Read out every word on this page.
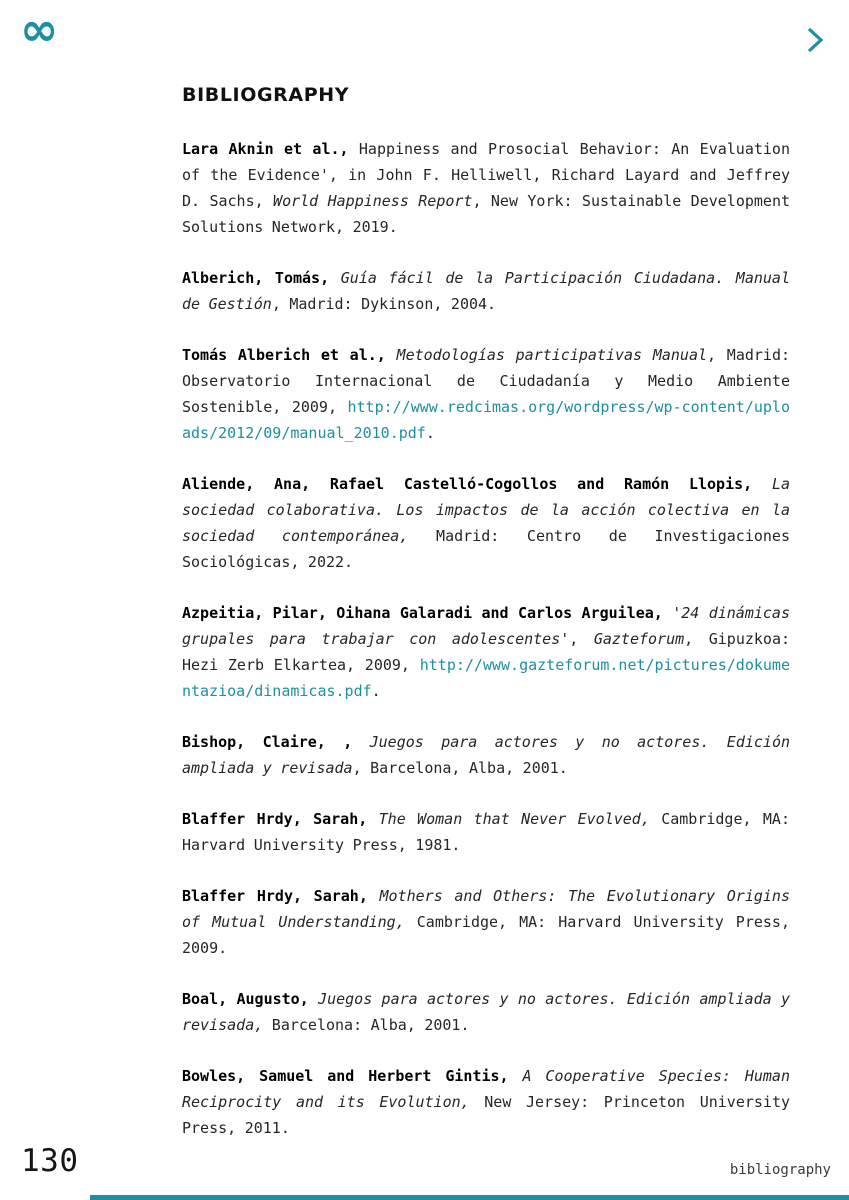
∞
BIBLIOGRAPHY

Lara Aknin et al., Happiness and Prosocial Behavior: An Evaluation of the Evidence', in John F. Helliwell, Richard Layard and Jeffrey D. Sachs, World Happiness Report, New York: Sustainable Development Solutions Network, 2019.

Alberich, Tomás, Guía fácil de la Participación Ciudadana. Manual de Gestión, Madrid: Dykinson, 2004.

Tomás Alberich et al., Metodologías participativas Manual, Madrid: Observatorio Internacional de Ciudadanía y Medio Ambiente Sostenible, 2009, http://www.redcimas.org/wordpress/wp-content/uploads/2012/09/manual_2010.pdf.

Aliende, Ana, Rafael Castelló-Cogollos and Ramón Llopis, La sociedad colaborativa. Los impactos de la acción colectiva en la sociedad contemporánea, Madrid: Centro de Investigaciones Sociológicas, 2022.

Azpeitia, Pilar, Oihana Galaradi and Carlos Arguilea, '24 dinámicas grupales para trabajar con adolescentes', Gazteforum, Gipuzkoa: Hezi Zerb Elkartea, 2009, http://www.gazteforum.net/pictures/dokumentazioa/dinamicas.pdf.

Bishop, Claire, , Juegos para actores y no actores. Edición ampliada y revisada, Barcelona, Alba, 2001.

Blaffer Hrdy, Sarah, The Woman that Never Evolved, Cambridge, MA: Harvard University Press, 1981.

Blaffer Hrdy, Sarah, Mothers and Others: The Evolutionary Origins of Mutual Understanding, Cambridge, MA: Harvard University Press, 2009.

Boal, Augusto, Juegos para actores y no actores. Edición ampliada y revisada, Barcelona: Alba, 2001.

Bowles, Samuel and Herbert Gintis, A Cooperative Species: Human Reciprocity and its Evolution, New Jersey: Princeton University Press, 2011.

130	bibliography
